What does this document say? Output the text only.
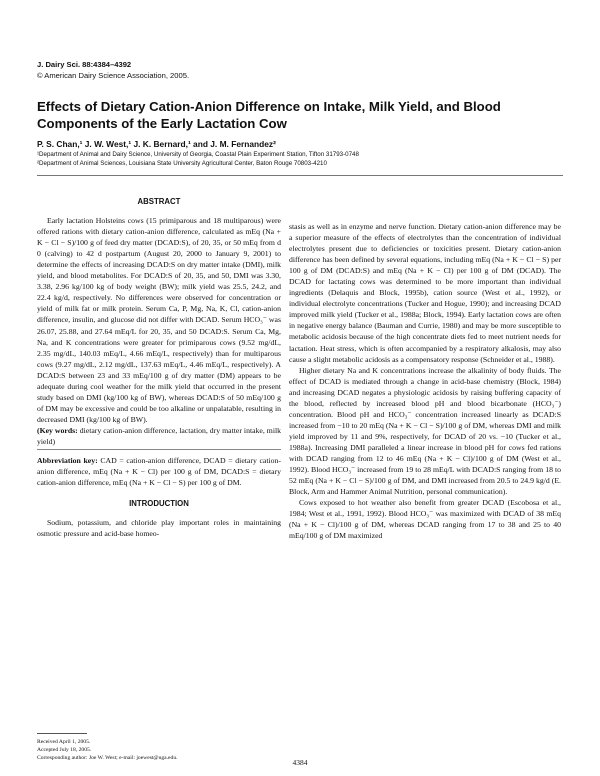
J. Dairy Sci. 88:4384–4392
© American Dairy Science Association, 2005.
Effects of Dietary Cation-Anion Difference on Intake, Milk Yield, and Blood Components of the Early Lactation Cow
P. S. Chan,¹ J. W. West,¹ J. K. Bernard,¹ and J. M. Fernandez²
¹Department of Animal and Dairy Science, University of Georgia, Coastal Plain Experiment Station, Tifton 31793-0748
²Department of Animal Sciences, Louisiana State University Agricultural Center, Baton Rouge 70803-4210

ABSTRACT

Early lactation Holsteins cows (15 primiparous and 18 multiparous) were offered rations with dietary cation-anion difference, calculated as mEq (Na + K − Cl − S)/100 g of feed dry matter (DCAD:S), of 20, 35, or 50 mEq from d 0 (calving) to 42 d postpartum (August 20, 2000 to January 9, 2001) to determine the effects of increasing DCAD:S on dry matter intake (DMI), milk yield, and blood metabolites. For DCAD:S of 20, 35, and 50, DMI was 3.30, 3.38, 2.96 kg/100 kg of body weight (BW); milk yield was 25.5, 24.2, and 22.4 kg/d, respectively. No differences were observed for concentration or yield of milk fat or milk protein. Serum Ca, P, Mg, Na, K, Cl, cation-anion difference, insulin, and glucose did not differ with DCAD. Serum HCO₃⁻ was 26.07, 25.88, and 27.64 mEq/L for 20, 35, and 50 DCAD:S. Serum Ca, Mg, Na, and K concentrations were greater for primiparous cows (9.52 mg/dL, 2.35 mg/dL, 140.03 mEq/L, 4.66 mEq/L, respectively) than for multiparous cows (9.27 mg/dL, 2.12 mg/dL, 137.63 mEq/L, 4.46 mEq/L, respectively). A DCAD:S between 23 and 33 mEq/100 g of dry matter (DM) appears to be adequate during cool weather for the milk yield that occurred in the present study based on DMI (kg/100 kg of BW), whereas DCAD:S of 50 mEq/100 g of DM may be excessive and could be too alkaline or unpalatable, resulting in decreased DMI (kg/100 kg of BW).

(Key words: dietary cation-anion difference, lactation, dry matter intake, milk yield)

Abbreviation key: CAD = cation-anion difference, DCAD = dietary cation-anion difference, mEq (Na + K − Cl) per 100 g of DM, DCAD:S = dietary cation-anion difference, mEq (Na + K − Cl − S) per 100 g of DM.

INTRODUCTION

Sodium, potassium, and chloride play important roles in maintaining osmotic pressure and acid-base homeo-

stasis as well as in enzyme and nerve function. Dietary cation-anion difference may be a superior measure of the effects of electrolytes than the concentration of individual electrolytes present due to deficiencies or toxicities present. Dietary cation-anion difference has been defined by several equations, including mEq (Na + K − Cl − S) per 100 g of DM (DCAD:S) and mEq (Na + K − Cl) per 100 g of DM (DCAD). The DCAD for lactating cows was determined to be more important than individual ingredients (Delaquis and Block, 1995b), cation source (West et al., 1992), or individual electrolyte concentrations (Tucker and Hogue, 1990); and increasing DCAD improved milk yield (Tucker et al., 1988a; Block, 1994). Early lactation cows are often in negative energy balance (Bauman and Currie, 1980) and may be more susceptible to metabolic acidosis because of the high concentrate diets fed to meet nutrient needs for lactation. Heat stress, which is often accompanied by a respiratory alkalosis, may also cause a slight metabolic acidosis as a compensatory response (Schneider et al., 1988).

Higher dietary Na and K concentrations increase the alkalinity of body fluids. The effect of DCAD is mediated through a change in acid-base chemistry (Block, 1984) and increasing DCAD negates a physiologic acidosis by raising buffering capacity of the blood, reflected by increased blood pH and blood bicarbonate (HCO₃⁻) concentration. Blood pH and HCO₃⁻ concentration increased linearly as DCAD:S increased from −10 to 20 mEq (Na + K − Cl − S)/100 g of DM, whereas DMI and milk yield improved by 11 and 9%, respectively, for DCAD of 20 vs. −10 (Tucker et al., 1988a). Increasing DMI paralleled a linear increase in blood pH for cows fed rations with DCAD ranging from 12 to 46 mEq (Na + K − Cl)/100 g of DM (West et al., 1992). Blood HCO₃⁻ increased from 19 to 28 mEq/L with DCAD:S ranging from 18 to 52 mEq (Na + K − Cl − S)/100 g of DM, and DMI increased from 20.5 to 24.9 kg/d (E. Block, Arm and Hammer Animal Nutrition, personal communication).

Cows exposed to hot weather also benefit from greater DCAD (Escobosa et al., 1984; West et al., 1991, 1992). Blood HCO₃⁻ was maximized with DCAD of 38 mEq (Na + K − Cl)/100 g of DM, whereas DCAD ranging from 17 to 38 and 25 to 40 mEq/100 g of DM maximized

Received April 1, 2005.
Accepted July 18, 2005.
Corresponding author: Joe W. West; e-mail: joewest@uga.edu.	4384
